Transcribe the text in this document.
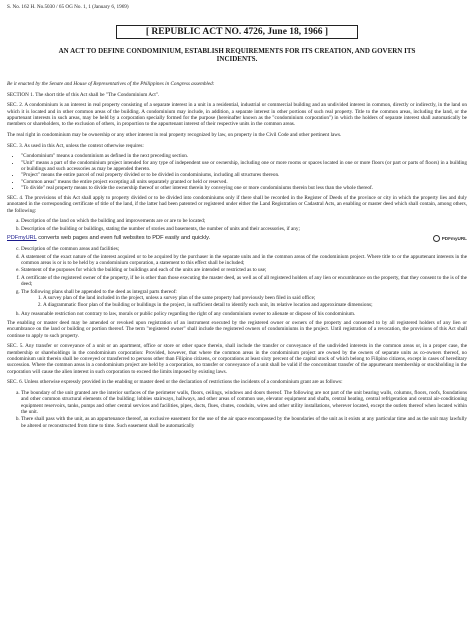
S. No. 162 H. No.5030 / 65 OG No. 1, 1 (January 6, 1969)
[ REPUBLIC ACT NO. 4726, June 18, 1966 ]
AN ACT TO DEFINE CONDOMINIUM, ESTABLISH REQUIREMENTS FOR ITS CREATION, AND GOVERN ITS INCIDENTS.

Be it enacted by the Senate and House of Representatives of the Philippines in Congress assembled:

SECTION 1. The short title of this Act shall be "The Condominium Act".

SEC. 2. A condominium is an interest in real property consisting of a separate interest in a unit in a residential, industrial or commercial building and an undivided interest in common, directly or indirectly, in the land on which it is located and in other common areas of the building. A condominium may include, in addition, a separate interest in other portions of such real property. Title to the common areas, including the land, or the appurtenant interests in such areas, may be held by a corporation specially formed for the purpose (hereinafter known as the "condominium corporation") in which the holders of separate interest shall automatically be members or shareholders, to the exclusion of others, in proportion to the appurtenant interest of their respective units in the common areas.

The real right in condominium may be ownership or any other interest in real property recognized by law, on property in the Civil Code and other pertinent laws.

SEC. 3. As used in this Act, unless the context otherwise requires:

• "Condominium" means a condominium as defined in the next preceding section.
• "Unit" means a part of the condominium project intended for any type of independent use or ownership, including one or more rooms or spaces located in one or more floors (or part or parts of floors) in a building or buildings and such accessories as may be appended thereto.
• "Project" means the entire parcel of real property divided or to be divided in condominiums, including all structures thereon.
• "Common areas" means the entire project excepting all units separately granted or held or reserved.
• "To divide" real property means to divide the ownership thereof or other interest therein by conveying one or more condominiums therein but less than the whole thereof.

SEC. 4. The provisions of this Act shall apply to property divided or to be divided into condominiums only if there shall be recorded in the Register of Deeds of the province or city in which the property lies and duly annotated in the corresponding certificate of title of the land, if the latter had been patented or registered under either the Land Registration or Cadastral Acts, an enabling or master deed which shall contain, among others, the following:

a. Description of the land on which the building and improvements are or are to be located;
b. Description of the building or buildings, stating the number of stories and basements, the number of units and their accessories, if any;
PDFmyURL converts web pages and even full websites to PDF easily and quickly.	PDFmyURL
c. Description of the common areas and facilities;
d. A statement of the exact nature of the interest acquired or to be acquired by the purchaser in the separate units and in the common areas of the condominium project. Where title to or the appurtenant interests in the common areas is or is to be held by a condominium corporation, a statement to this effect shall be included;
e. Statement of the purposes for which the building or buildings and each of the units are intended or restricted as to use;
f. A certificate of the registered owner of the property, if he is other than those executing the master deed, as well as of all registered holders of any lien or encumbrance on the property, that they consent to the is of the deed;
g. The following plans shall be appended to the deed as integral parts thereof:
1. A survey plan of the land included in the project, unless a survey plan of the same property had previously been filed in said office;
2. A diagrammatic floor plan of the building or buildings in the project, in sufficient detail to identify each unit, its relative location and approximate dimensions;
h. Any reasonable restriction not contrary to law, morals or public policy regarding the right of any condominium owner to alienate or dispose of his condominium.

The enabling or master deed may be amended or revoked upon registration of an instrument executed by the registered owner or owners of the property and consented to by all registered holders of any lien or encumbrance on the land or building or portion thereof. The term "registered owner" shall include the registered owners of condominiums in the project. Until registration of a revocation, the provisions of this Act shall continue to apply to such property.

SEC. 5. Any transfer or conveyance of a unit or an apartment, office or store or other space therein, shall include the transfer or conveyance of the undivided interests in the common areas or, in a proper case, the membership or shareholdings in the condominium corporation: Provided, however, that where the common areas in the condominium project are owned by the owners of separate units as co-owners thereof, no condominium unit therein shall be conveyed or transferred to persons other than Filipino citizens, or corporations at least sixty percent of the capital stock of which belong to Filipino citizens, except in cases of hereditary succession. Where the common areas in a condominium project are held by a corporation, no transfer or conveyance of a unit shall be valid if the concomitant transfer of the appurtenant membership or stockholding in the corporation will cause the alien interest in such corporation to exceed the limits imposed by existing laws.

SEC. 6. Unless otherwise expressly provided in the enabling or master deed or the declaration of restrictions the incidents of a condominium grant are as follows:

a. The boundary of the unit granted are the interior surfaces of the perimeter walls, floors, ceilings, windows and doors thereof. The following are not part of the unit bearing walls, columns, floors, roofs, foundations and other common structural elements of the building; lobbies stairways, hallways, and other areas of common use, elevator equipment and shafts, central heating, central refrigeration and central air-conditioning equipment reservoirs, tanks, pumps and other central services and facilities, pipes, ducts, flues, chutes, conduits, wires and other utility installations, wherever located, except the outlets thereof when located within the unit.
b. There shall pass with the unit, as an appurtenance thereof, an exclusive easement for the use of the air space encompassed by the boundaries of the unit as it exists at any particular time and as the unit may lawfully be altered or reconstructed from time to time. Such easement shall be automatically
